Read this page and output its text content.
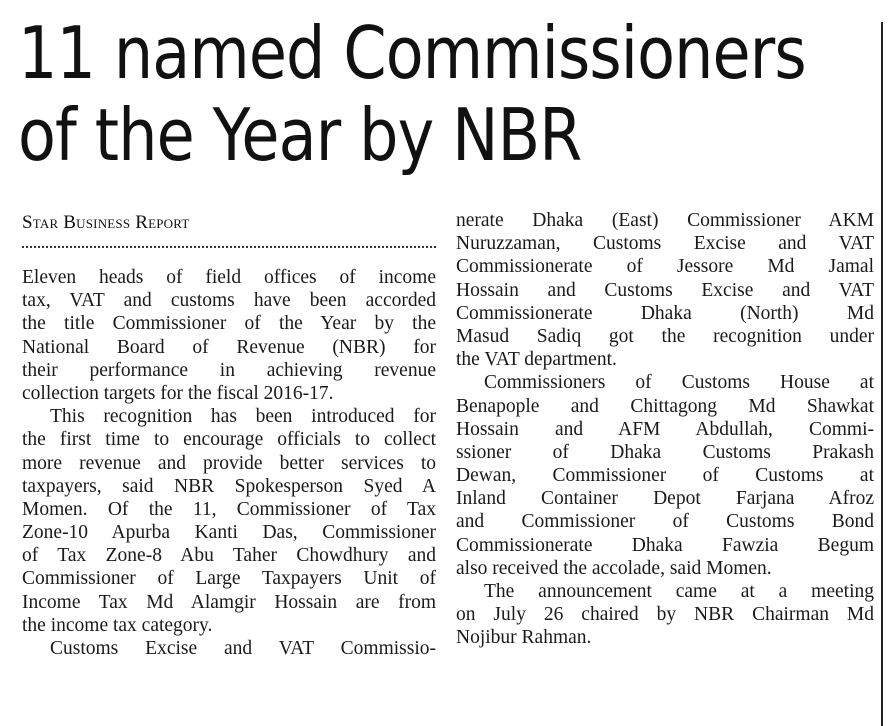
11 named Commissioners
of the Year by NBR

Star Business Report

Eleven heads of field offices of income
tax, VAT and customs have been accorded
the title Commissioner of the Year by the
National Board of Revenue (NBR) for
their performance in achieving revenue
collection targets for the fiscal 2016-17.
This recognition has been introduced for
the first time to encourage officials to collect
more revenue and provide better services to
taxpayers, said NBR Spokesperson Syed A
Momen. Of the 11, Commissioner of Tax
Zone-10 Apurba Kanti Das, Commissioner
of Tax Zone-8 Abu Taher Chowdhury and
Commissioner of Large Taxpayers Unit of
Income Tax Md Alamgir Hossain are from
the income tax category.
Customs Excise and VAT Commissio-
nerate Dhaka (East) Commissioner AKM
Nuruzzaman, Customs Excise and VAT
Commissionerate of Jessore Md Jamal
Hossain and Customs Excise and VAT
Commissionerate Dhaka (North) Md
Masud Sadiq got the recognition under
the VAT department.
Commissioners of Customs House at
Benapople and Chittagong Md Shawkat
Hossain and AFM Abdullah, Commi-
ssioner of Dhaka Customs Prakash
Dewan, Commissioner of Customs at
Inland Container Depot Farjana Afroz
and Commissioner of Customs Bond
Commissionerate Dhaka Fawzia Begum
also received the accolade, said Momen.
The announcement came at a meeting
on July 26 chaired by NBR Chairman Md
Nojibur Rahman.
